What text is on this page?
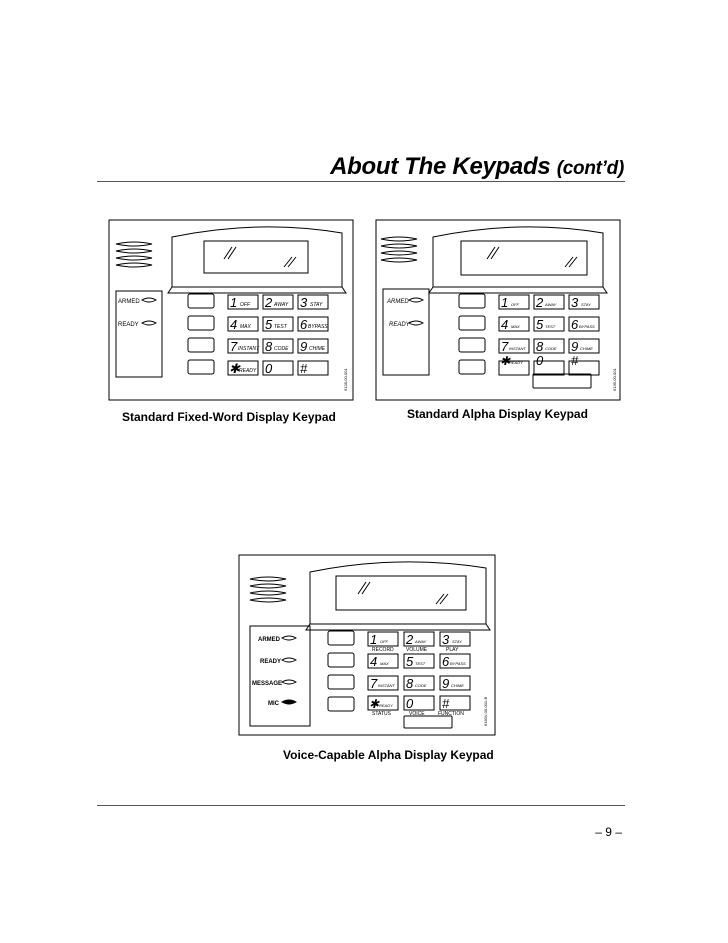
About The Keypads (cont’d)
ARMED
READY
1 OFF 2 AWAY 3 STAY
4 MAX 5 TEST 6 BYPASS
7 INSTANT 8 CODE 9 CHIME
✱ READY 0 #	6128-00-001
Standard Fixed-Word Display Keypad
ARMED
READY
1 OFF 2 AWAY 3 STAY
4 MAX 5 TEST 6 BYPASS
7 INSTANT 8 CODE 9 CHIME
✱
READY 0 #
6139-00-001
Standard Alpha Display Keypad
ARMED
READY
MESSAGE
MIC
1 OFF 2 AWAY 3 STAY
4 MAX 5 TEST 6 BYPASS
7 INSTANT 8 CODE 9 CHIME
✱ READY 0 #
RECORD VOLUME	PLAY
STATUS	VOICE	FUNCTION	6160V-00-001-B
Voice-Capable Alpha Display Keypad
– 9 –
